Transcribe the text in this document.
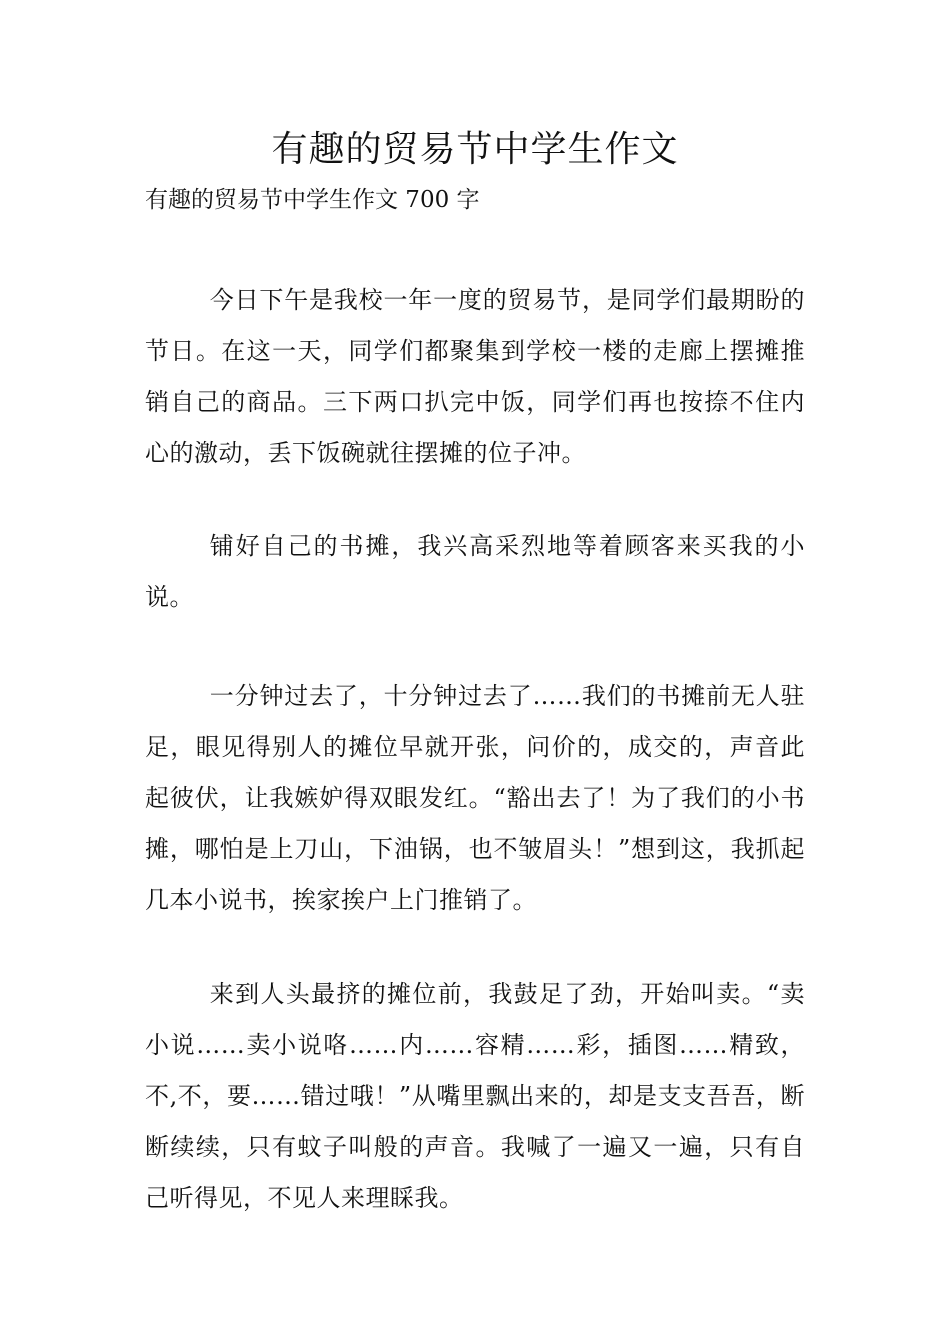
有趣的贸易节中学生作文

有趣的贸易节中学生作文 700 字

今日下午是我校一年一度的贸易节，是同学们最期盼的节日。在这一天，同学们都聚集到学校一楼的走廊上摆摊推销自己的商品。三下两口扒完中饭，同学们再也按捺不住内心的激动，丢下饭碗就往摆摊的位子冲。

铺好自己的书摊，我兴高采烈地等着顾客来买我的小说。

一分钟过去了，十分钟过去了……我们的书摊前无人驻足，眼见得别人的摊位早就开张，问价的，成交的，声音此起彼伏，让我嫉妒得双眼发红。“豁出去了！为了我们的小书摊，哪怕是上刀山，下油锅，也不皱眉头！”想到这，我抓起几本小说书，挨家挨户上门推销了。

来到人头最挤的摊位前，我鼓足了劲，开始叫卖。“卖小说……卖小说咯……内……容精……彩，插图……精致，不,不，要……错过哦！”从嘴里飘出来的，却是支支吾吾，断断续续，只有蚊子叫般的声音。我喊了一遍又一遍，只有自己听得见，不见人来理睬我。
